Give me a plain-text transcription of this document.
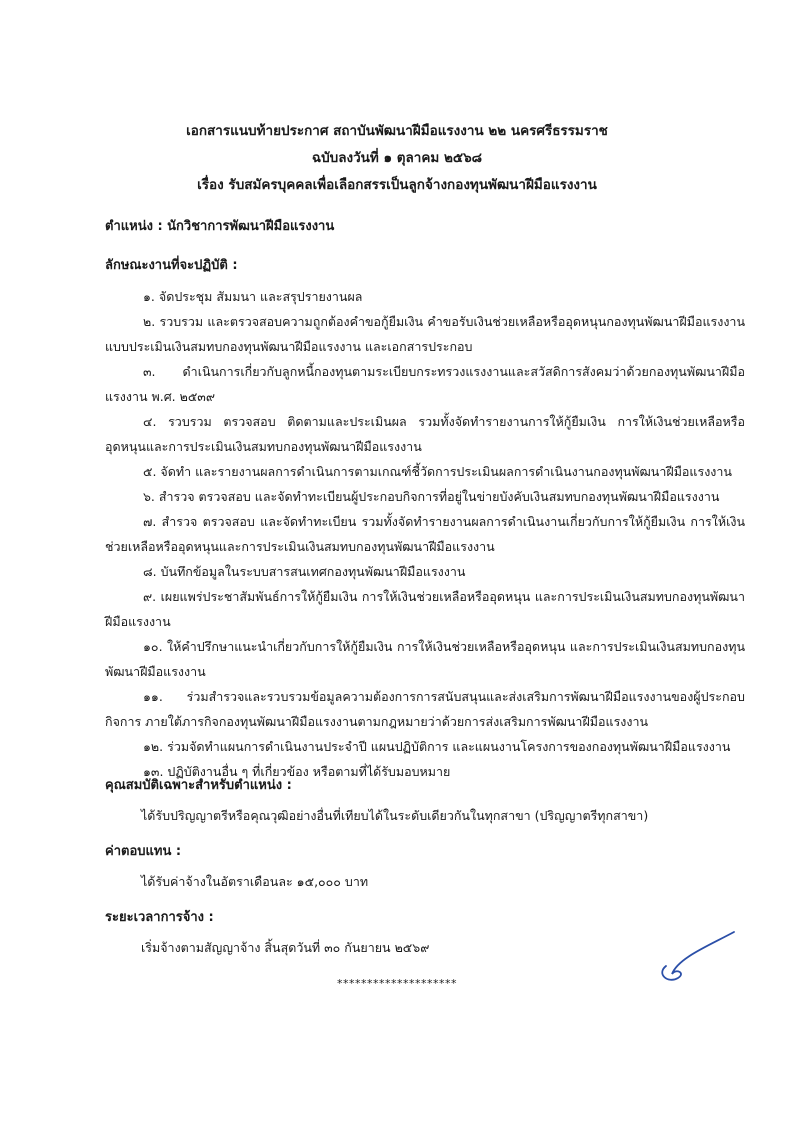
เอกสารแนบท้ายประกาศ สถาบันพัฒนาฝีมือแรงงาน ๒๒ นครศรีธรรมราช
ฉบับลงวันที่ ๑ ตุลาคม ๒๕๖๘
เรื่อง รับสมัครบุคคลเพื่อเลือกสรรเป็นลูกจ้างกองทุนพัฒนาฝีมือแรงงาน
ตำแหน่ง : นักวิชาการพัฒนาฝีมือแรงงาน
ลักษณะงานที่จะปฏิบัติ :
๑. จัดประชุม สัมมนา และสรุปรายงานผล
๒. รวบรวม และตรวจสอบความถูกต้องคำขอกู้ยืมเงิน คำขอรับเงินช่วยเหลือหรืออุดหนุนกองทุนพัฒนาฝีมือแรงงาน แบบประเมินเงินสมทบกองทุนพัฒนาฝีมือแรงงาน และเอกสารประกอบ
๓. ดำเนินการเกี่ยวกับลูกหนี้กองทุนตามระเบียบกระทรวงแรงงานและสวัสดิการสังคมว่าด้วยกองทุนพัฒนาฝีมือแรงงาน พ.ศ. ๒๕๓๙
๔. รวบรวม ตรวจสอบ ติดตามและประเมินผล รวมทั้งจัดทำรายงานการให้กู้ยืมเงิน การให้เงินช่วยเหลือหรืออุดหนุนและการประเมินเงินสมทบกองทุนพัฒนาฝีมือแรงงาน
๕. จัดทำ และรายงานผลการดำเนินการตามเกณฑ์ชี้วัดการประเมินผลการดำเนินงานกองทุนพัฒนาฝีมือแรงงาน
๖. สำรวจ ตรวจสอบ และจัดทำทะเบียนผู้ประกอบกิจการที่อยู่ในข่ายบังคับเงินสมทบกองทุนพัฒนาฝีมือแรงงาน
๗. สำรวจ ตรวจสอบ และจัดทำทะเบียน รวมทั้งจัดทำรายงานผลการดำเนินงานเกี่ยวกับการให้กู้ยืมเงิน การให้เงินช่วยเหลือหรืออุดหนุนและการประเมินเงินสมทบกองทุนพัฒนาฝีมือแรงงาน
๘. บันทึกข้อมูลในระบบสารสนเทศกองทุนพัฒนาฝีมือแรงงาน
๙. เผยแพร่ประชาสัมพันธ์การให้กู้ยืมเงิน การให้เงินช่วยเหลือหรืออุดหนุน และการประเมินเงินสมทบกองทุนพัฒนาฝีมือแรงงาน
๑๐. ให้คำปรึกษาแนะนำเกี่ยวกับการให้กู้ยืมเงิน การให้เงินช่วยเหลือหรืออุดหนุน และการประเมินเงินสมทบกองทุนพัฒนาฝีมือแรงงาน
๑๑. ร่วมสำรวจและรวบรวมข้อมูลความต้องการการสนับสนุนและส่งเสริมการพัฒนาฝีมือแรงงานของผู้ประกอบกิจการ ภายใต้ภารกิจกองทุนพัฒนาฝีมือแรงงานตามกฎหมายว่าด้วยการส่งเสริมการพัฒนาฝีมือแรงงาน
๑๒. ร่วมจัดทำแผนการดำเนินงานประจำปี แผนปฏิบัติการ และแผนงานโครงการของกองทุนพัฒนาฝีมือแรงงาน
๑๓. ปฏิบัติงานอื่น ๆ ที่เกี่ยวข้อง หรือตามที่ได้รับมอบหมาย
คุณสมบัติเฉพาะสำหรับตำแหน่ง :
ได้รับปริญญาตรีหรือคุณวุฒิอย่างอื่นที่เทียบได้ในระดับเดียวกันในทุกสาขา (ปริญญาตรีทุกสาขา)
ค่าตอบแทน :
ได้รับค่าจ้างในอัตราเดือนละ ๑๕,๐๐๐ บาท
ระยะเวลาการจ้าง :
เริ่มจ้างตามสัญญาจ้าง สิ้นสุดวันที่ ๓๐ กันยายน ๒๕๖๙
********************
